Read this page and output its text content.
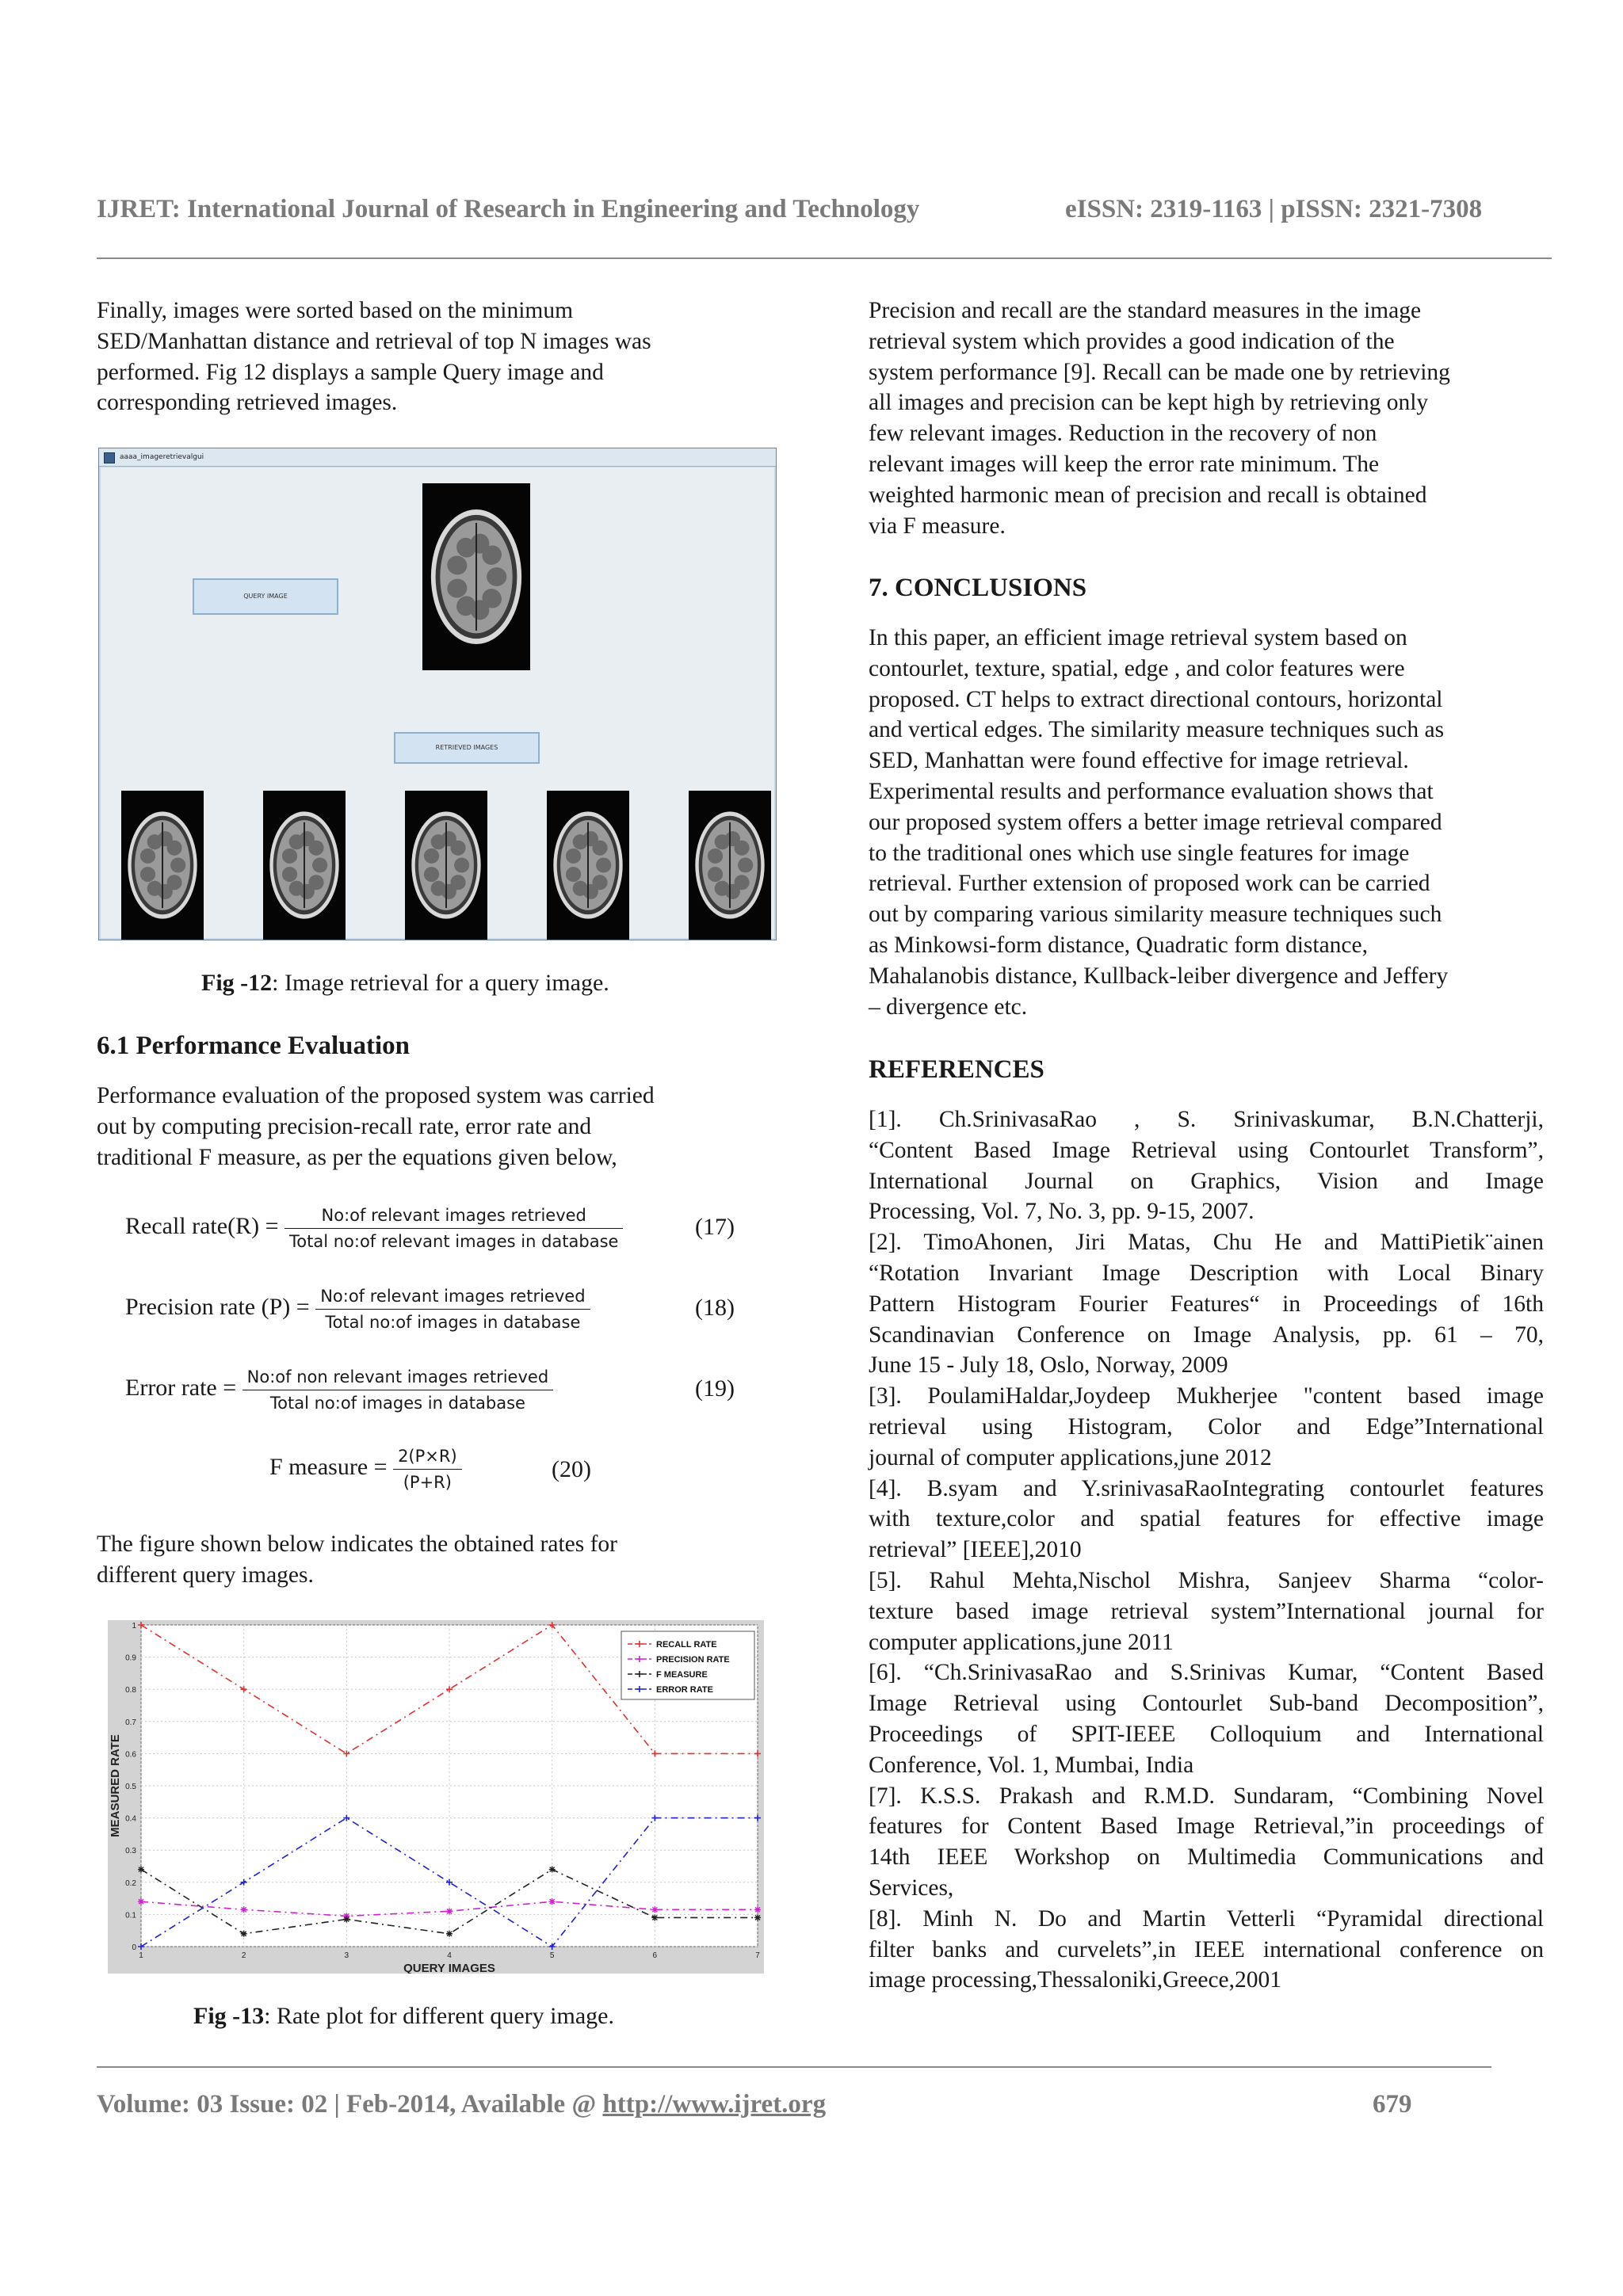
IJRET: International Journal of Research in Engineering and Technology	eISSN: 2319-1163 | pISSN: 2321-7308
Finally, images were sorted based on the minimum
SED/Manhattan distance and retrieval of top N images was
performed. Fig 12 displays a sample Query image and
corresponding retrieved images.
aaaa_imageretrievalgui
QUERY IMAGE
RETRIEVED IMAGES
Fig -12: Image retrieval for a query image.
6.1 Performance Evaluation
Performance evaluation of the proposed system was carried
out by computing precision-recall rate, error rate and
traditional F measure, as per the equations given below,
Recall rate(R) = $\frac{\text{No:of relevant images retrieved}}{\text{Total no:of relevant images in database}}$	(17)
Precision rate $(P) = \frac{\text{No:of relevant images retrieved}}{\text{Total no:of images in database}}$	(18)
Error rate = $\frac{\text{No:of non relevant images retrieved}}{\text{Total no:of images in database}}$	(19)
F measure = $\frac{2(P\times R)}{(P+R)}$	(20)
The figure shown below indicates the obtained rates for
different query images.
0
0.1
0.2
0.3
0.4
0.5
0.6
0.7
0.8
0.9
1
1	2	3	4	5	6	7
QUERY IMAGES
MEASURED RATE
RECALL RATE
PRECISION RATE
F MEASURE
ERROR RATE
Fig -13: Rate plot for different query image.
Precision and recall are the standard measures in the image
retrieval system which provides a good indication of the
system performance [9]. Recall can be made one by retrieving
all images and precision can be kept high by retrieving only
few relevant images. Reduction in the recovery of non
relevant images will keep the error rate minimum. The
weighted harmonic mean of precision and recall is obtained
via F measure.
7. CONCLUSIONS
In this paper, an efficient image retrieval system based on
contourlet, texture, spatial, edge , and color features were
proposed. CT helps to extract directional contours, horizontal
and vertical edges. The similarity measure techniques such as
SED, Manhattan were found effective for image retrieval.
Experimental results and performance evaluation shows that
our proposed system offers a better image retrieval compared
to the traditional ones which use single features for image
retrieval. Further extension of proposed work can be carried
out by comparing various similarity measure techniques such
as Minkowsi-form distance, Quadratic form distance,
Mahalanobis distance, Kullback-leiber divergence and Jeffery
– divergence etc.
REFERENCES
[1]. Ch.SrinivasaRao , S. Srinivaskumar, B.N.Chatterji,
“Content Based Image Retrieval using Contourlet Transform”,
International Journal on Graphics, Vision and Image
Processing, Vol. 7, No. 3, pp. 9-15, 2007.
[2]. TimoAhonen, Jiri Matas, Chu He and MattiPietik¨ainen
“Rotation Invariant Image Description with Local Binary
Pattern Histogram Fourier Features“ in Proceedings of 16th
Scandinavian Conference on Image Analysis, pp. 61 – 70,
June 15 - July 18, Oslo, Norway, 2009
[3]. PoulamiHaldar,Joydeep Mukherjee "content based image
retrieval using Histogram, Color and Edge”International
journal of computer applications,june 2012
[4]. B.syam and Y.srinivasaRaoIntegrating contourlet features
with texture,color and spatial features for effective image
retrieval” [IEEE],2010
[5]. Rahul Mehta,Nischol Mishra, Sanjeev Sharma “color-
texture based image retrieval system”International journal for
computer applications,june 2011
[6]. “Ch.SrinivasaRao and S.Srinivas Kumar, “Content Based
Image Retrieval using Contourlet Sub-band Decomposition”,
Proceedings of SPIT-IEEE Colloquium and International
Conference, Vol. 1, Mumbai, India
[7]. K.S.S. Prakash and R.M.D. Sundaram, “Combining Novel
features for Content Based Image Retrieval,”in proceedings of
14th IEEE Workshop on Multimedia Communications and
Services,
[8]. Minh N. Do and Martin Vetterli “Pyramidal directional
filter banks and curvelets”,in IEEE international conference on
image processing,Thessaloniki,Greece,2001
Volume: 03 Issue: 02 | Feb-2014, Available @ http://www.ijret.org	679
